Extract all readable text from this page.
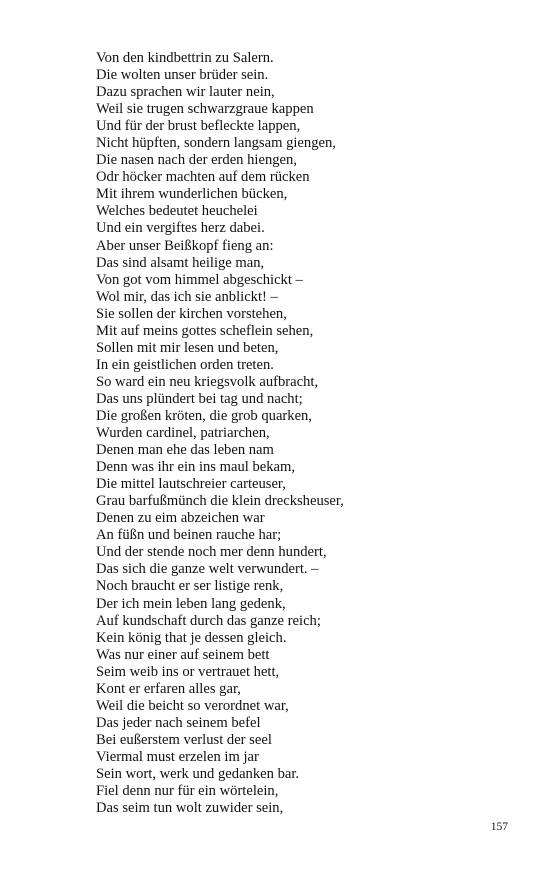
Von den kindbettrin zu Salern.
Die wolten unser brüder sein.
Dazu sprachen wir lauter nein,
Weil sie trugen schwarzgraue kappen
Und für der brust befleckte lappen,
Nicht hüpften, sondern langsam giengen,
Die nasen nach der erden hiengen,
Odr höcker machten auf dem rücken
Mit ihrem wunderlichen bücken,
Welches bedeutet heuchelei
Und ein vergiftes herz dabei.
Aber unser Beißkopf fieng an:
Das sind alsamt heilige man,
Von got vom himmel abgeschickt –
Wol mir, das ich sie anblickt! –
Sie sollen der kirchen vorstehen,
Mit auf meins gottes scheflein sehen,
Sollen mit mir lesen und beten,
In ein geistlichen orden treten.
So ward ein neu kriegsvolk aufbracht,
Das uns plündert bei tag und nacht;
Die großen kröten, die grob quarken,
Wurden cardinel, patriarchen,
Denen man ehe das leben nam
Denn was ihr ein ins maul bekam,
Die mittel lautschreier carteuser,
Grau barfußmünch die klein drecksheuser,
Denen zu eim abzeichen war
An füßn und beinen rauche har;
Und der stende noch mer denn hundert,
Das sich die ganze welt verwundert. –
Noch braucht er ser listige renk,
Der ich mein leben lang gedenk,
Auf kundschaft durch das ganze reich;
Kein könig that je dessen gleich.
Was nur einer auf seinem bett
Seim weib ins or vertrauet hett,
Kont er erfaren alles gar,
Weil die beicht so verordnet war,
Das jeder nach seinem befel
Bei eußerstem verlust der seel
Viermal must erzelen im jar
Sein wort, werk und gedanken bar.
Fiel denn nur für ein wörtelein,
Das seim tun wolt zuwider sein,
157
